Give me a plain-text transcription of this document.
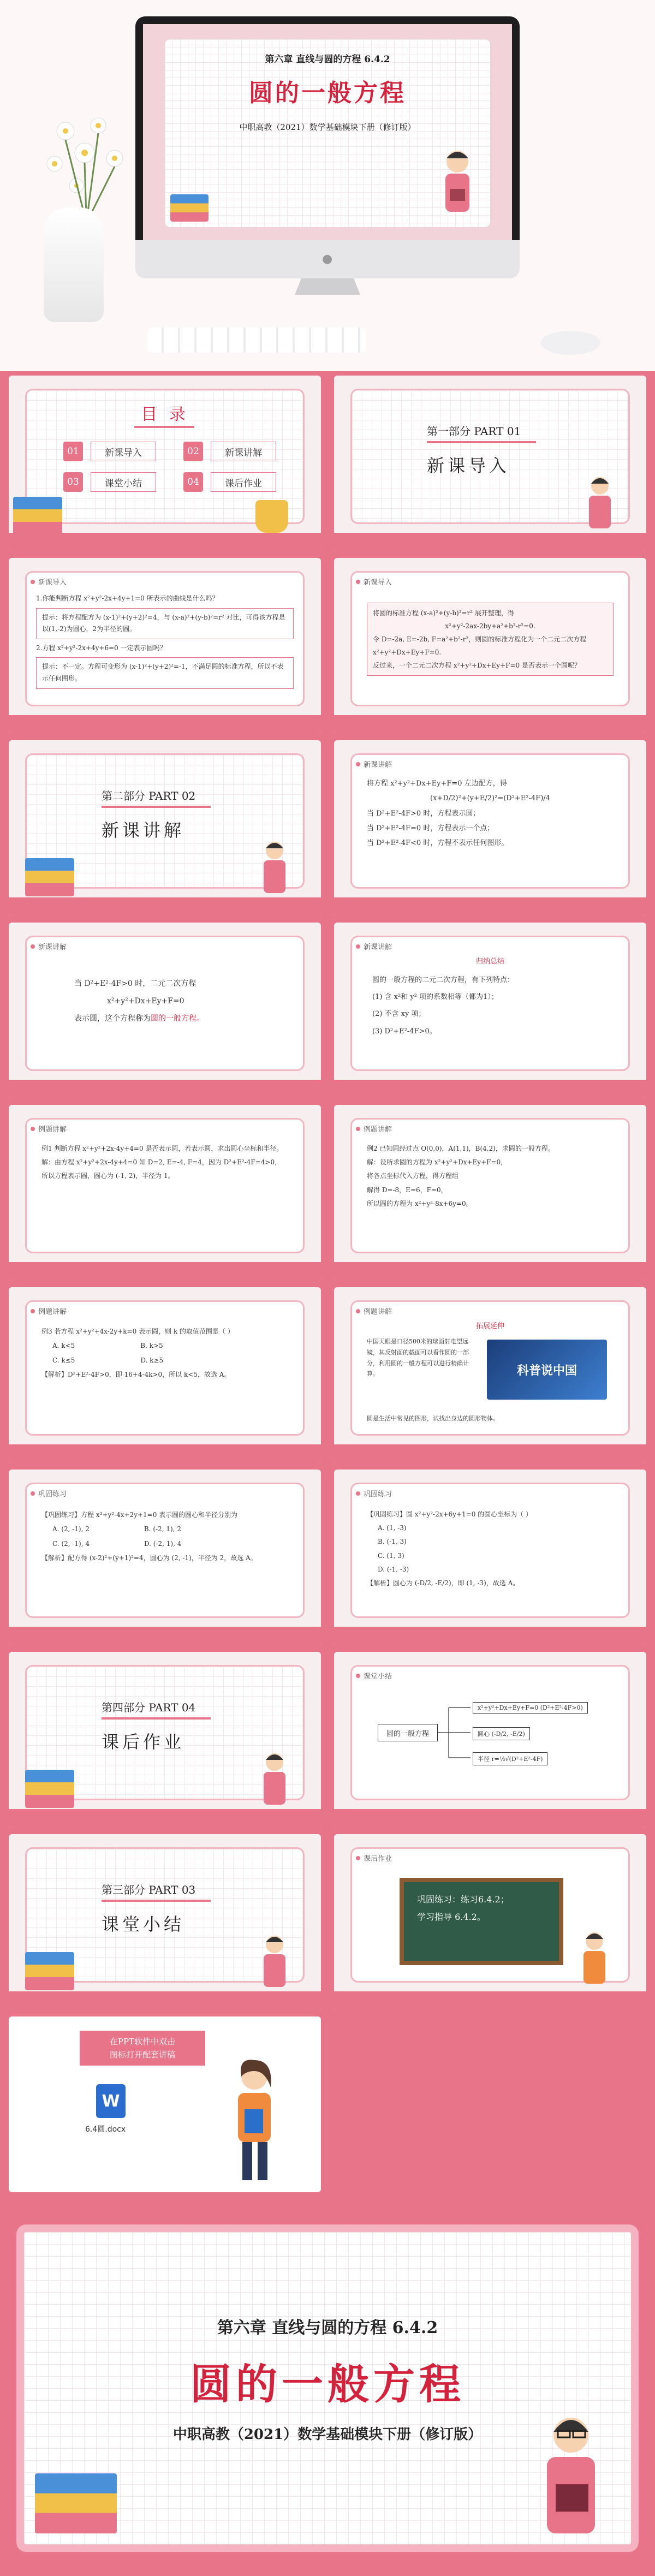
第六章 直线与圆的方程 6.4.2
圆的一般方程
中职高教（2021）数学基础模块下册（修订版）
●
目 录
01	新课导入	02	新课讲解
03	课堂小结	04	课后作业
第一部分 PART 01
新课导入
新课导入
1.你能判断方程 x²+y²-2x+4y+1=0 所表示的曲线是什么吗？
提示：将方程配方为 (x-1)²+(y+2)²=4，与 (x-a)²+(y-b)²=r² 对比，可得该方程是以(1,-2)为圆心，2为半径的圆。
2.方程 x²+y²-2x+4y+6=0 一定表示圆吗？
提示：不一定。方程可变形为 (x-1)²+(y+2)²=-1，不满足圆的标准方程，所以不表示任何图形。
新课导入
将圆的标准方程 (x-a)²+(y-b)²=r² 展开整理，得
x²+y²-2ax-2by+a²+b²-r²=0.
令 D=-2a, E=-2b, F=a²+b²-r²，则圆的标准方程化为一个二元二次方程 x²+y²+Dx+Ey+F=0.
反过来，一个二元二次方程 x²+y²+Dx+Ey+F=0 是否表示一个圆呢？
第二部分 PART 02
新课讲解
新课讲解
将方程 x²+y²+Dx+Ey+F=0 左边配方，得
(x+D/2)²+(y+E/2)²=(D²+E²-4F)/4
当 D²+E²-4F>0 时，方程表示圆；
当 D²+E²-4F=0 时，方程表示一个点；
当 D²+E²-4F<0 时，方程不表示任何图形。
新课讲解
当 D²+E²-4F>0 时，二元二次方程
x²+y²+Dx+Ey+F=0
表示圆，这个方程称为圆的一般方程。
新课讲解
归纳总结
圆的一般方程的二元二次方程，有下列特点：
(1) 含 x²和 y² 项的系数相等（都为1）；
(2) 不含 xy 项；
(3) D²+E²-4F>0。
例题讲解
例1 判断方程 x²+y²+2x-4y+4=0 是否表示圆，若表示圆，求出圆心坐标和半径。
解：由方程 x²+y²+2x-4y+4=0 知 D=2, E=-4, F=4，因为 D²+E²-4F=4>0，
所以方程表示圆，圆心为 (-1, 2)，半径为 1。
例题讲解
例2 已知圆经过点 O(0,0)，A(1,1)，B(4,2)，求圆的一般方程。
解：设所求圆的方程为 x²+y²+Dx+Ey+F=0，
将各点坐标代入方程，得方程组
解得 D=-8，E=6，F=0，
所以圆的方程为 x²+y²-8x+6y=0。
例题讲解
例3 若方程 x²+y²+4x-2y+k=0 表示圆，则 k 的取值范围是（ ）
A. k<5	B. k>5
C. k≤5	D. k≥5
【解析】D²+E²-4F>0，即 16+4-4k>0，所以 k<5，故选 A。
例题讲解
拓展延伸
中国天眼是口径500米的球面射电望远镜，其反射面的截面可以看作圆的一部分，利用圆的一般方程可以进行精确计算。	科普说中国
圆是生活中常见的图形，试找出身边的圆形物体。
巩固练习
【巩固练习】方程 x²+y²-4x+2y+1=0 表示圆的圆心和半径分别为
A. (2, -1), 2	B. (-2, 1), 2
C. (2, -1), 4	D. (-2, 1), 4
【解析】配方得 (x-2)²+(y+1)²=4，圆心为 (2, -1)，半径为 2，故选 A。
巩固练习
【巩固练习】圆 x²+y²-2x+6y+1=0 的圆心坐标为（ ）
A. (1, -3)
B. (-1, 3)
C. (1, 3)
D. (-1, -3)
【解析】圆心为 (-D/2, -E/2)，即 (1, -3)，故选 A。
第四部分 PART 04
课后作业
课堂小结
圆的一般方程
x²+y²+Dx+Ey+F=0 (D²+E²-4F>0)
圆心 (-D/2, -E/2)
半径 r=½√(D²+E²-4F)
第三部分 PART 03
课堂小结
课后作业
巩固练习：练习6.4.2；
学习指导 6.4.2。
在PPT软件中双击
图标打开配套讲稿
W
6.4圆.docx
第六章 直线与圆的方程 6.4.2
圆的一般方程
中职高教（2021）数学基础模块下册（修订版）
